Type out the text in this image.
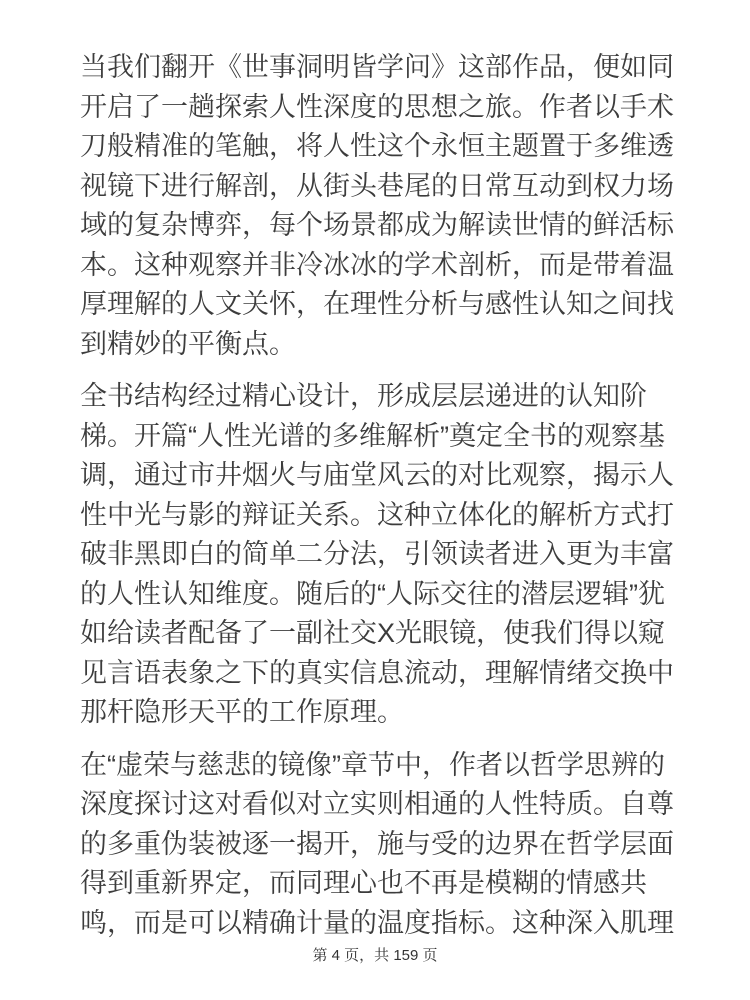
当我们翻开《世事洞明皆学问》这部作品，便如同开启了一趟探索人性深度的思想之旅。作者以手术刀般精准的笔触，将人性这个永恒主题置于多维透视镜下进行解剖，从街头巷尾的日常互动到权力场域的复杂博弈，每个场景都成为解读世情的鲜活标本。这种观察并非冷冰冰的学术剖析，而是带着温厚理解的人文关怀，在理性分析与感性认知之间找到精妙的平衡点。

全书结构经过精心设计，形成层层递进的认知阶梯。开篇“人性光谱的多维解析”奠定全书的观察基调，通过市井烟火与庙堂风云的对比观察，揭示人性中光与影的辩证关系。这种立体化的解析方式打破非黑即白的简单二分法，引领读者进入更为丰富的人性认知维度。随后的“人际交往的潜层逻辑”犹如给读者配备了一副社交X光眼镜，使我们得以窥见言语表象之下的真实信息流动，理解情绪交换中那杆隐形天平的工作原理。

在“虚荣与慈悲的镜像”章节中，作者以哲学思辨的深度探讨这对看似对立实则相通的人性特质。自尊的多重伪装被逐一揭开，施与受的边界在哲学层面得到重新界定，而同理心也不再是模糊的情感共鸣，而是可以精确计量的温度指标。这种深入肌理

第 4 页，共 159 页
